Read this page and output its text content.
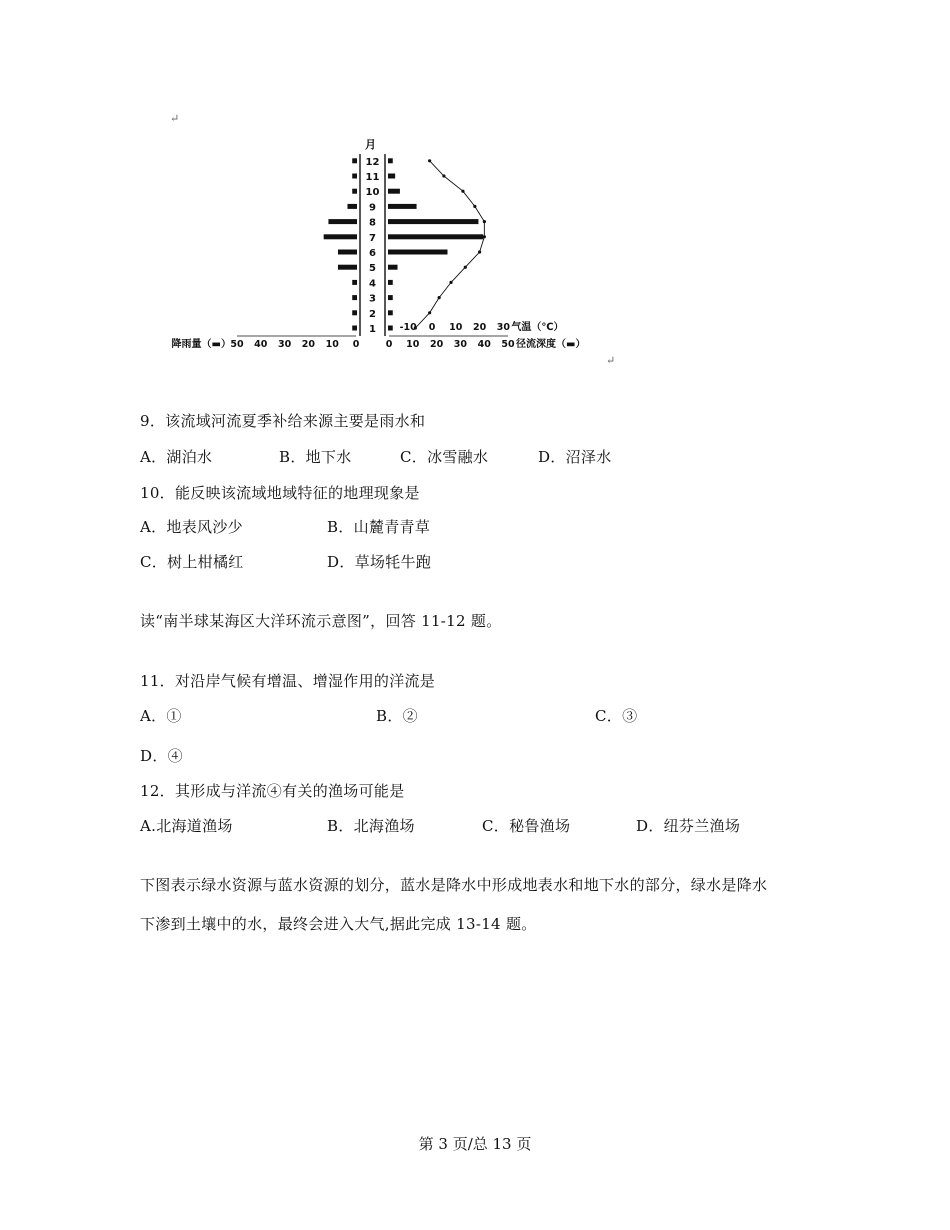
↵
1
2
3
4
5
6
7
8
9
10
11
12
月
50 40 30 20 10 0
降雨量（▬）	0 10 20 30 40 50 径流深度（▬）
-10 0 10 20 30 气温（℃）
↵
9．该流域河流夏季补给来源主要是雨水和
A．湖泊水	B．地下水	C．冰雪融水	D．沼泽水
10．能反映该流域地域特征的地理现象是
A．地表风沙少	B．山麓青青草
C．树上柑橘红	D．草场牦牛跑
读“南半球某海区大洋环流示意图”，回答 11-12 题。
11．对沿岸气候有增温、增湿作用的洋流是
A．①	B．②	C．③
D．④
12．其形成与洋流④有关的渔场可能是
A.北海道渔场	B．北海渔场	C．秘鲁渔场	D．纽芬兰渔场
下图表示绿水资源与蓝水资源的划分，蓝水是降水中形成地表水和地下水的部分，绿水是降水
下渗到土壤中的水，最终会进入大气,据此完成 13-14 题。
第 3 页/总 13 页
